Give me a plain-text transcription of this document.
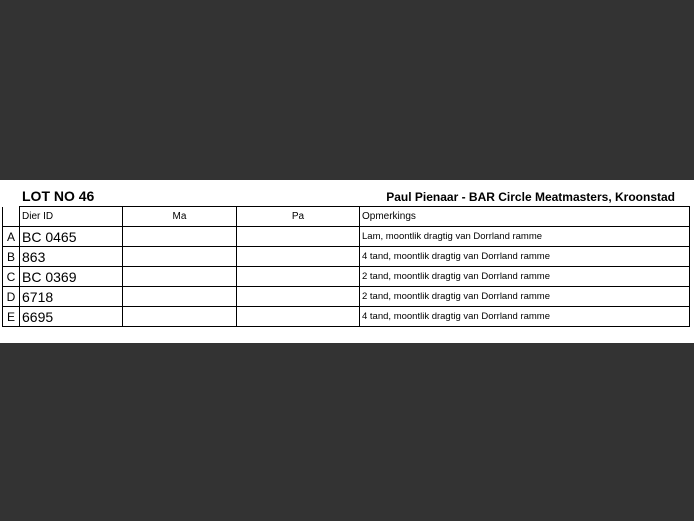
LOT NO 46	Paul Pienaar - BAR Circle Meatmasters, Kroonstad
	Dier ID	Ma	Pa	Opmerkings
A	BC 0465			Lam, moontlik dragtig van Dorrland ramme
B	863			4 tand, moontlik dragtig van Dorrland ramme
C	BC 0369			2 tand, moontlik dragtig van Dorrland ramme
D	6718			2 tand, moontlik dragtig van Dorrland ramme
E	6695			4 tand, moontlik dragtig van Dorrland ramme
